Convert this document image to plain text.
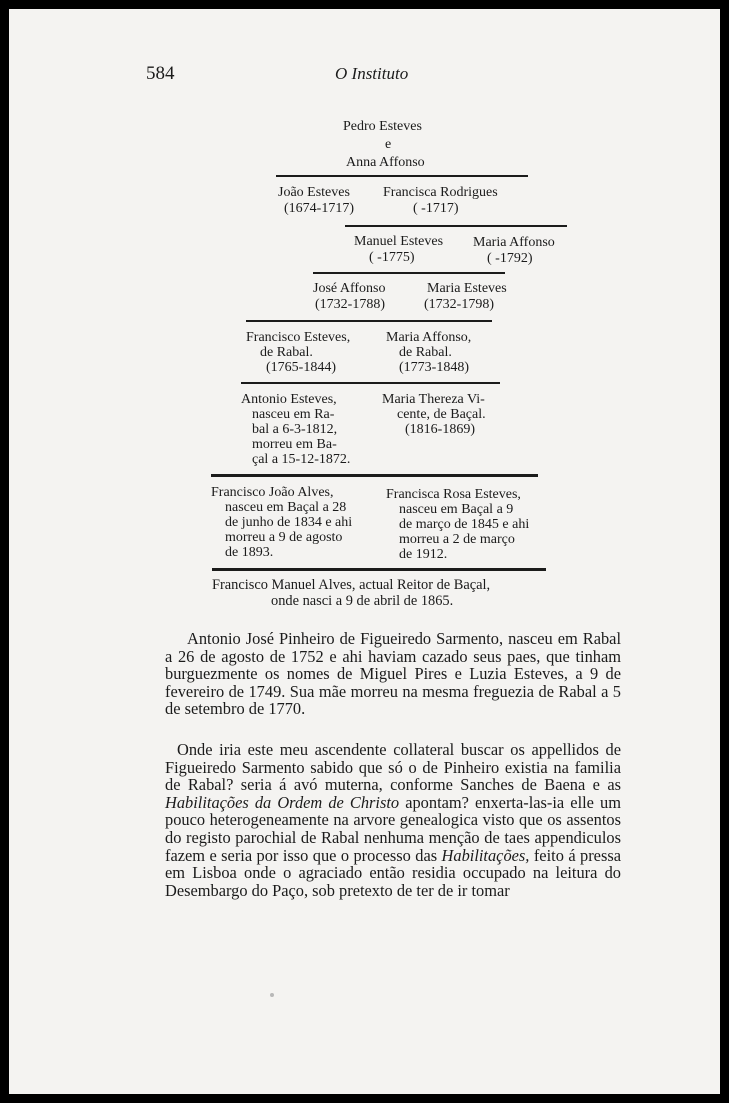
584	O Instituto
Pedro Esteves
e
Anna Affonso
João Esteves
(1674-1717)
Francisca Rodrigues
( -1717)
Manuel Esteves
( -1775)
Maria Affonso
( -1792)
José Affonso
(1732-1788)
Maria Esteves
(1732-1798)
Francisco Esteves,
de Rabal.
(1765-1844)
Maria Affonso,
de Rabal.
(1773-1848)
Antonio Esteves,
nasceu em Ra-
bal a 6-3-1812,
morreu em Ba-
çal a 15-12-1872.
Maria Thereza Vi-
cente, de Baçal.
(1816-1869)
Francisco João Alves,
nasceu em Baçal a 28
de junho de 1834 e ahi
morreu a 9 de agosto
de 1893.
Francisca Rosa Esteves,
nasceu em Baçal a 9
de março de 1845 e ahi
morreu a 2 de março
de 1912.
Francisco Manuel Alves, actual Reitor de Baçal,
onde nasci a 9 de abril de 1865.
Antonio José Pinheiro de Figueiredo Sarmento, nasceu em Rabal a 26 de agosto de 1752 e ahi haviam cazado seus paes, que tinham burguezmente os nomes de Miguel Pires e Luzia Esteves, a 9 de fevereiro de 1749. Sua mãe morreu na mesma freguezia de Rabal a 5 de setembro de 1770.
Onde iria este meu ascendente collateral buscar os appellidos de Figueiredo Sarmento sabido que só o de Pinheiro existia na familia de Rabal? seria á avó muterna, conforme Sanches de Baena e as Habilitações da Ordem de Christo apontam? enxerta-las-ia elle um pouco heterogeneamente na arvore genealogica visto que os assentos do registo parochial de Rabal nenhuma menção de taes appendiculos fazem e seria por isso que o processo das Habilitações, feito á pressa em Lisboa onde o agraciado então residia occupado na leitura do Desembargo do Paço, sob pretexto de ter de ir tomar
